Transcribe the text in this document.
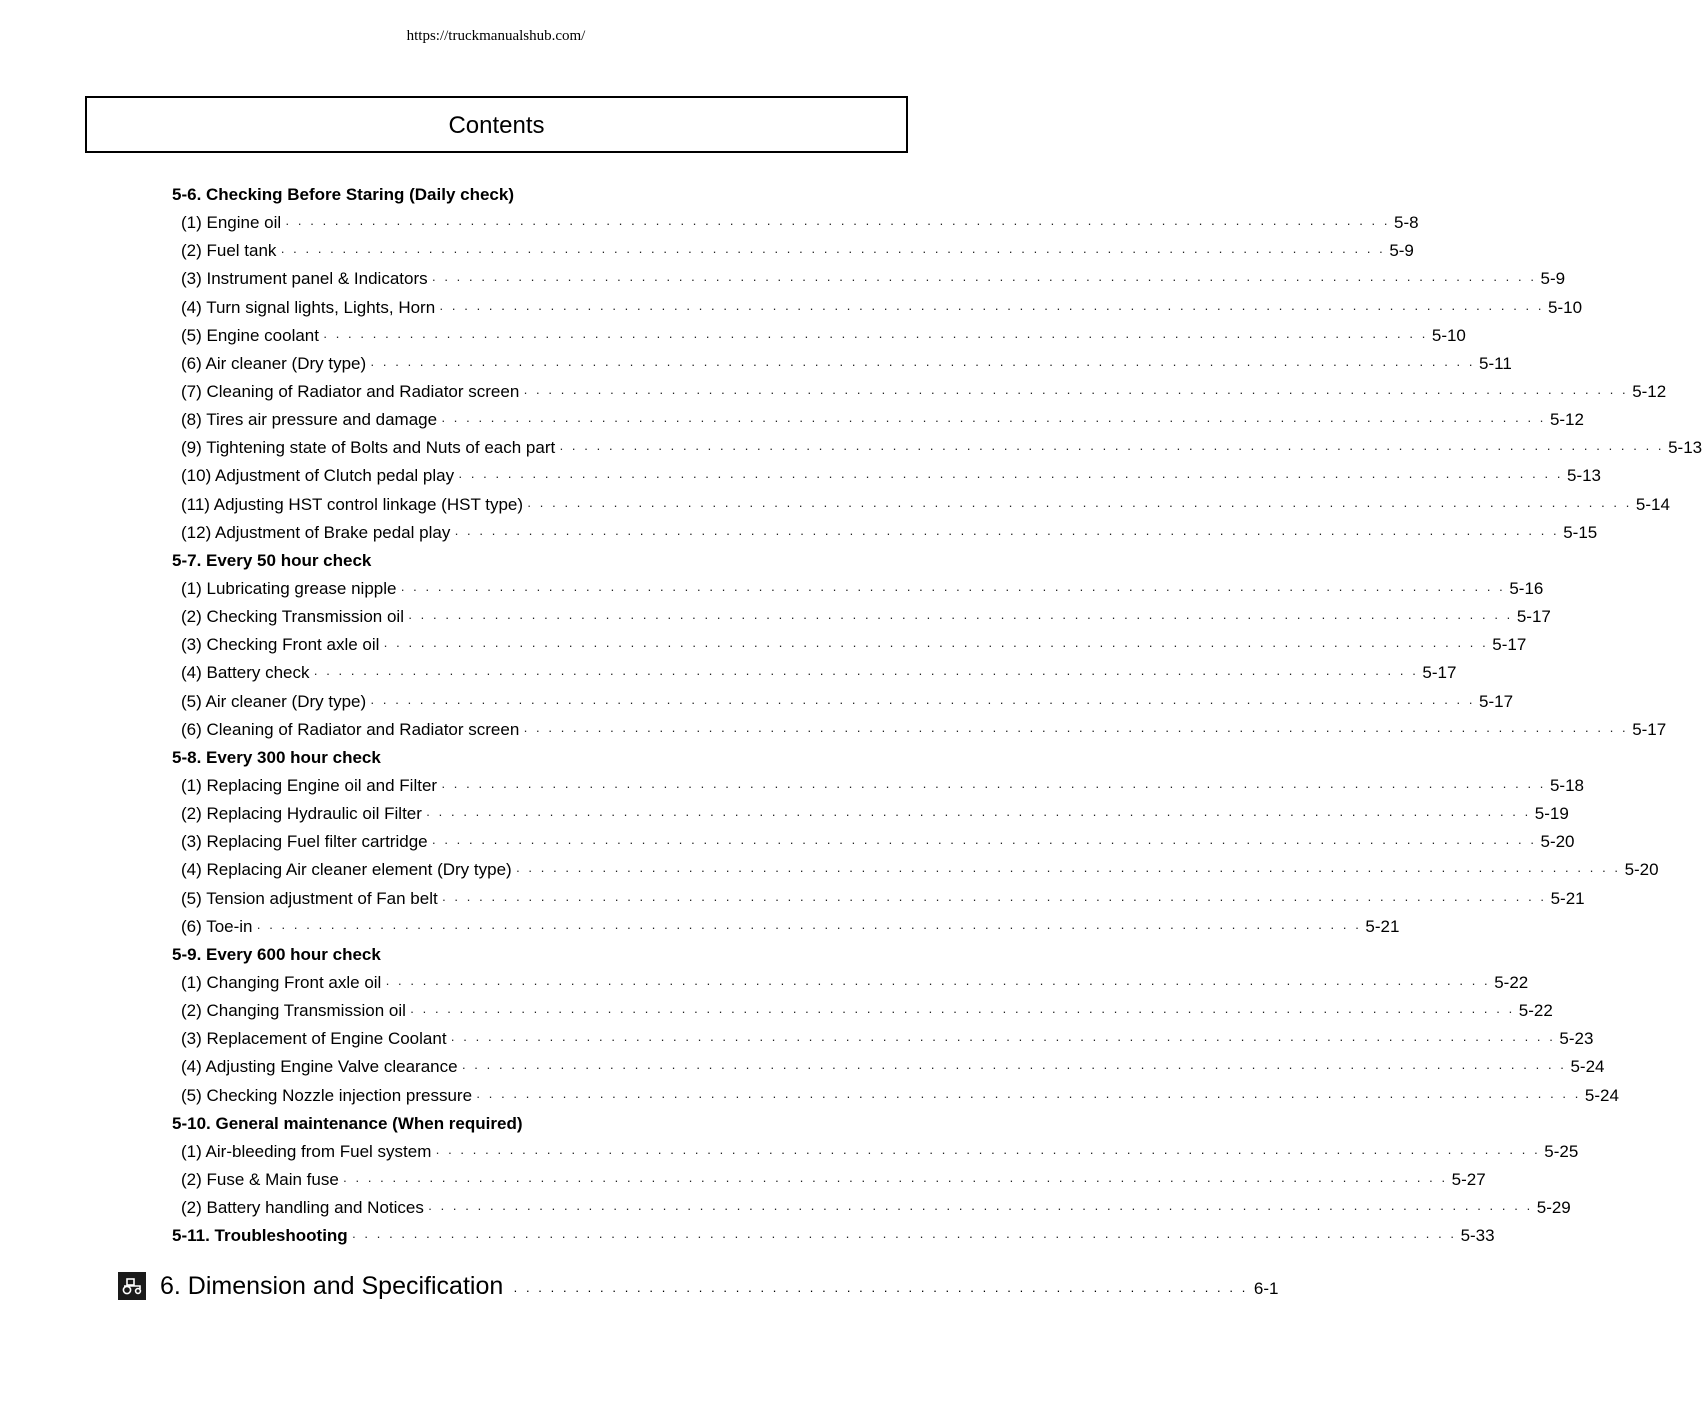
https://truckmanualshub.com/
Contents
5-6. Checking Before Staring (Daily check)
(1) Engine oil · · · · · · · · · · · · · · · · · · · · · · · · · · · · · · · · · · · · · · · · · · · · · · · · · · · · · · · · · · · · · · · · · · · · · · · · · · · · · · · · · · · · · · · · · · 5-8
(2) Fuel tank · · · · · · · · · · · · · · · · · · · · · · · · · · · · · · · · · · · · · · · · · · · · · · · · · · · · · · · · · · · · · · · · · · · · · · · · · · · · · · · · · · · · · · · · · · 5-9
(3) Instrument panel & Indicators · · · · · · · · · · · · · · · · · · · · · · · · · · · · · · · · · · · · · · · · · · · · · · · · · · · · · · · · · · · · · · · · · · · · · · · · · · · · · · · · · · · · · · · · · · 5-9
(4) Turn signal lights, Lights, Horn · · · · · · · · · · · · · · · · · · · · · · · · · · · · · · · · · · · · · · · · · · · · · · · · · · · · · · · · · · · · · · · · · · · · · · · · · · · · · · · · · · · · · · · · · · 5-10
(5) Engine coolant · · · · · · · · · · · · · · · · · · · · · · · · · · · · · · · · · · · · · · · · · · · · · · · · · · · · · · · · · · · · · · · · · · · · · · · · · · · · · · · · · · · · · · · · · · 5-10
(6) Air cleaner (Dry type) · · · · · · · · · · · · · · · · · · · · · · · · · · · · · · · · · · · · · · · · · · · · · · · · · · · · · · · · · · · · · · · · · · · · · · · · · · · · · · · · · · · · · · · · · · 5-11
(7) Cleaning of Radiator and Radiator screen · · · · · · · · · · · · · · · · · · · · · · · · · · · · · · · · · · · · · · · · · · · · · · · · · · · · · · · · · · · · · · · · · · · · · · · · · · · · · · · · · · · · · · · · · · 5-12
(8) Tires air pressure and damage · · · · · · · · · · · · · · · · · · · · · · · · · · · · · · · · · · · · · · · · · · · · · · · · · · · · · · · · · · · · · · · · · · · · · · · · · · · · · · · · · · · · · · · · · · 5-12
(9) Tightening state of Bolts and Nuts of each part · · · · · · · · · · · · · · · · · · · · · · · · · · · · · · · · · · · · · · · · · · · · · · · · · · · · · · · · · · · · · · · · · · · · · · · · · · · · · · · · · · · · · · · · · · 5-13
(10) Adjustment of Clutch pedal play · · · · · · · · · · · · · · · · · · · · · · · · · · · · · · · · · · · · · · · · · · · · · · · · · · · · · · · · · · · · · · · · · · · · · · · · · · · · · · · · · · · · · · · · · · 5-13
(11) Adjusting HST control linkage (HST type) · · · · · · · · · · · · · · · · · · · · · · · · · · · · · · · · · · · · · · · · · · · · · · · · · · · · · · · · · · · · · · · · · · · · · · · · · · · · · · · · · · · · · · · · · · 5-14
(12) Adjustment of Brake pedal play · · · · · · · · · · · · · · · · · · · · · · · · · · · · · · · · · · · · · · · · · · · · · · · · · · · · · · · · · · · · · · · · · · · · · · · · · · · · · · · · · · · · · · · · · · 5-15
5-7. Every 50 hour check
(1) Lubricating grease nipple · · · · · · · · · · · · · · · · · · · · · · · · · · · · · · · · · · · · · · · · · · · · · · · · · · · · · · · · · · · · · · · · · · · · · · · · · · · · · · · · · · · · · · · · · · 5-16
(2) Checking Transmission oil · · · · · · · · · · · · · · · · · · · · · · · · · · · · · · · · · · · · · · · · · · · · · · · · · · · · · · · · · · · · · · · · · · · · · · · · · · · · · · · · · · · · · · · · · · 5-17
(3) Checking Front axle oil · · · · · · · · · · · · · · · · · · · · · · · · · · · · · · · · · · · · · · · · · · · · · · · · · · · · · · · · · · · · · · · · · · · · · · · · · · · · · · · · · · · · · · · · · · 5-17
(4) Battery check · · · · · · · · · · · · · · · · · · · · · · · · · · · · · · · · · · · · · · · · · · · · · · · · · · · · · · · · · · · · · · · · · · · · · · · · · · · · · · · · · · · · · · · · · · 5-17
(5) Air cleaner (Dry type) · · · · · · · · · · · · · · · · · · · · · · · · · · · · · · · · · · · · · · · · · · · · · · · · · · · · · · · · · · · · · · · · · · · · · · · · · · · · · · · · · · · · · · · · · · 5-17
(6) Cleaning of Radiator and Radiator screen · · · · · · · · · · · · · · · · · · · · · · · · · · · · · · · · · · · · · · · · · · · · · · · · · · · · · · · · · · · · · · · · · · · · · · · · · · · · · · · · · · · · · · · · · · 5-17
5-8. Every 300 hour check
(1) Replacing Engine oil and Filter · · · · · · · · · · · · · · · · · · · · · · · · · · · · · · · · · · · · · · · · · · · · · · · · · · · · · · · · · · · · · · · · · · · · · · · · · · · · · · · · · · · · · · · · · · 5-18
(2) Replacing Hydraulic oil Filter · · · · · · · · · · · · · · · · · · · · · · · · · · · · · · · · · · · · · · · · · · · · · · · · · · · · · · · · · · · · · · · · · · · · · · · · · · · · · · · · · · · · · · · · · · 5-19
(3) Replacing Fuel filter cartridge · · · · · · · · · · · · · · · · · · · · · · · · · · · · · · · · · · · · · · · · · · · · · · · · · · · · · · · · · · · · · · · · · · · · · · · · · · · · · · · · · · · · · · · · · · 5-20
(4) Replacing Air cleaner element (Dry type) · · · · · · · · · · · · · · · · · · · · · · · · · · · · · · · · · · · · · · · · · · · · · · · · · · · · · · · · · · · · · · · · · · · · · · · · · · · · · · · · · · · · · · · · · · 5-20
(5) Tension adjustment of Fan belt · · · · · · · · · · · · · · · · · · · · · · · · · · · · · · · · · · · · · · · · · · · · · · · · · · · · · · · · · · · · · · · · · · · · · · · · · · · · · · · · · · · · · · · · · · 5-21
(6) Toe-in · · · · · · · · · · · · · · · · · · · · · · · · · · · · · · · · · · · · · · · · · · · · · · · · · · · · · · · · · · · · · · · · · · · · · · · · · · · · · · · · · · · · · · · · · · 5-21
5-9. Every 600 hour check
(1) Changing Front axle oil · · · · · · · · · · · · · · · · · · · · · · · · · · · · · · · · · · · · · · · · · · · · · · · · · · · · · · · · · · · · · · · · · · · · · · · · · · · · · · · · · · · · · · · · · · 5-22
(2) Changing Transmission oil · · · · · · · · · · · · · · · · · · · · · · · · · · · · · · · · · · · · · · · · · · · · · · · · · · · · · · · · · · · · · · · · · · · · · · · · · · · · · · · · · · · · · · · · · · 5-22
(3) Replacement of Engine Coolant · · · · · · · · · · · · · · · · · · · · · · · · · · · · · · · · · · · · · · · · · · · · · · · · · · · · · · · · · · · · · · · · · · · · · · · · · · · · · · · · · · · · · · · · · · 5-23
(4) Adjusting Engine Valve clearance · · · · · · · · · · · · · · · · · · · · · · · · · · · · · · · · · · · · · · · · · · · · · · · · · · · · · · · · · · · · · · · · · · · · · · · · · · · · · · · · · · · · · · · · · · 5-24
(5) Checking Nozzle injection pressure · · · · · · · · · · · · · · · · · · · · · · · · · · · · · · · · · · · · · · · · · · · · · · · · · · · · · · · · · · · · · · · · · · · · · · · · · · · · · · · · · · · · · · · · · · 5-24
5-10. General maintenance (When required)
(1) Air-bleeding from Fuel system · · · · · · · · · · · · · · · · · · · · · · · · · · · · · · · · · · · · · · · · · · · · · · · · · · · · · · · · · · · · · · · · · · · · · · · · · · · · · · · · · · · · · · · · · · 5-25
(2) Fuse & Main fuse · · · · · · · · · · · · · · · · · · · · · · · · · · · · · · · · · · · · · · · · · · · · · · · · · · · · · · · · · · · · · · · · · · · · · · · · · · · · · · · · · · · · · · · · · · 5-27
(2) Battery handling and Notices · · · · · · · · · · · · · · · · · · · · · · · · · · · · · · · · · · · · · · · · · · · · · · · · · · · · · · · · · · · · · · · · · · · · · · · · · · · · · · · · · · · · · · · · · · 5-29
5-11. Troubleshooting · · · · · · · · · · · · · · · · · · · · · · · · · · · · · · · · · · · · · · · · · · · · · · · · · · · · · · · · · · · · · · · · · · · · · · · · · · · · · · · · · · · · · · · · · · 5-33
6. Dimension and Specification · · · · · · · · · · · · · · · · · · · · · · · · · · · · · · · · · · · · · · · · · · · · · · · · · · · · · · · · · · · · 6-1
